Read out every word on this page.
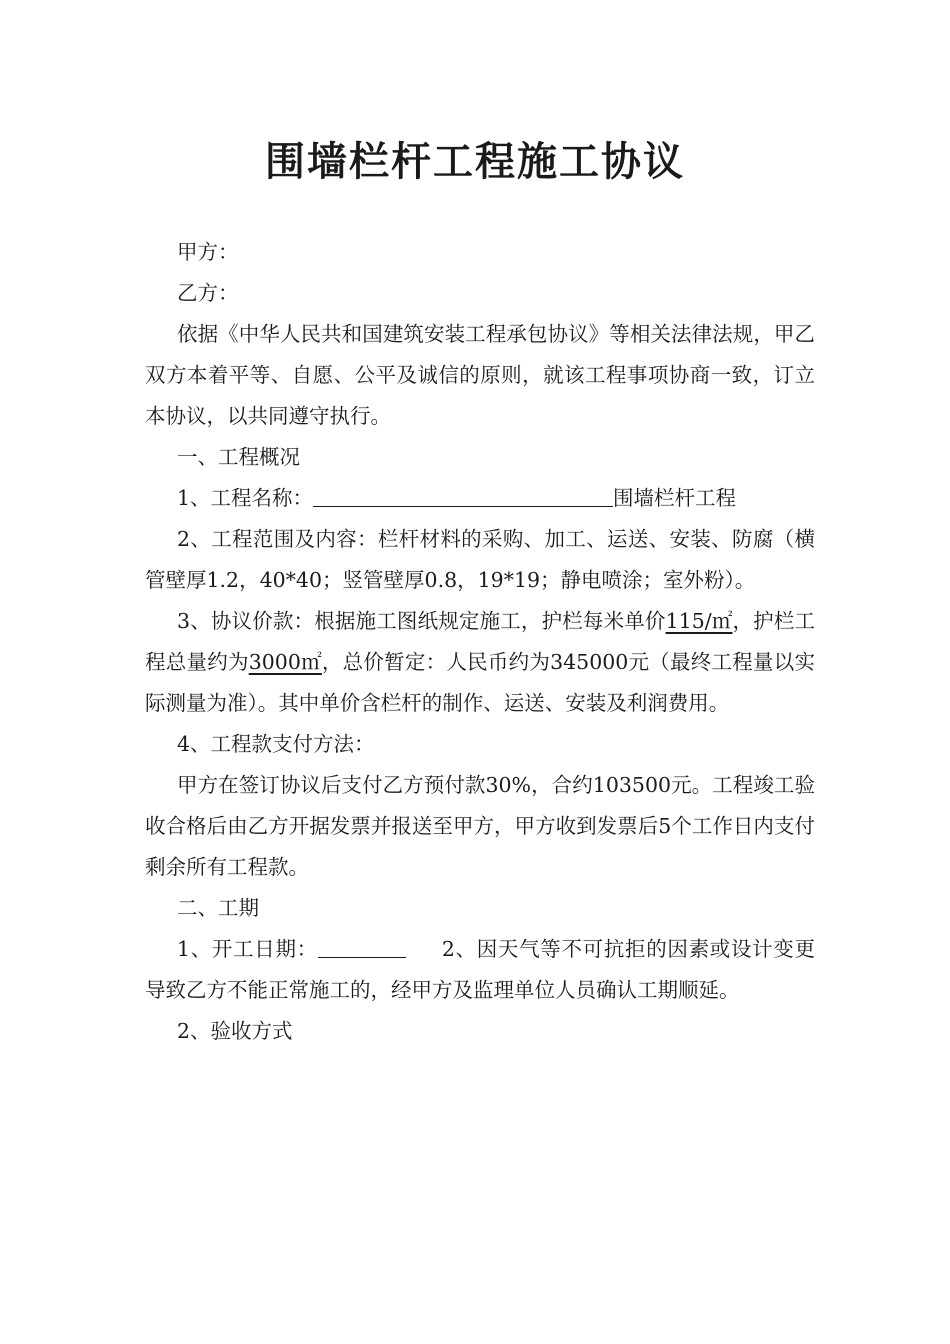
围墙栏杆工程施工协议

甲方：

乙方：

依据《中华人民共和国建筑安装工程承包协议》等相关法律法规，甲乙双方本着平等、自愿、公平及诚信的原则，就该工程事项协商一致，订立本协议，以共同遵守执行。

一、工程概况

1、工程名称：	围墙栏杆工程

2、工程范围及内容：栏杆材料的采购、加工、运送、安装、防腐（横管壁厚1.2，40*40；竖管壁厚0.8，19*19；静电喷涂；室外粉）。

3、协议价款：根据施工图纸规定施工，护栏每米单价115/㎡，护栏工程总量约为3000㎡，总价暂定：人民币约为345000元（最终工程量以实际测量为准）。其中单价含栏杆的制作、运送、安装及利润费用。

4、工程款支付方法：

甲方在签订协议后支付乙方预付款30%，合约103500元。工程竣工验收合格后由乙方开据发票并报送至甲方，甲方收到发票后5个工作日内支付剩余所有工程款。

二、工期

1、开工日期：	2、因天气等不可抗拒的因素或设计变更导致乙方不能正常施工的，经甲方及监理单位人员确认工期顺延。

2、验收方式
